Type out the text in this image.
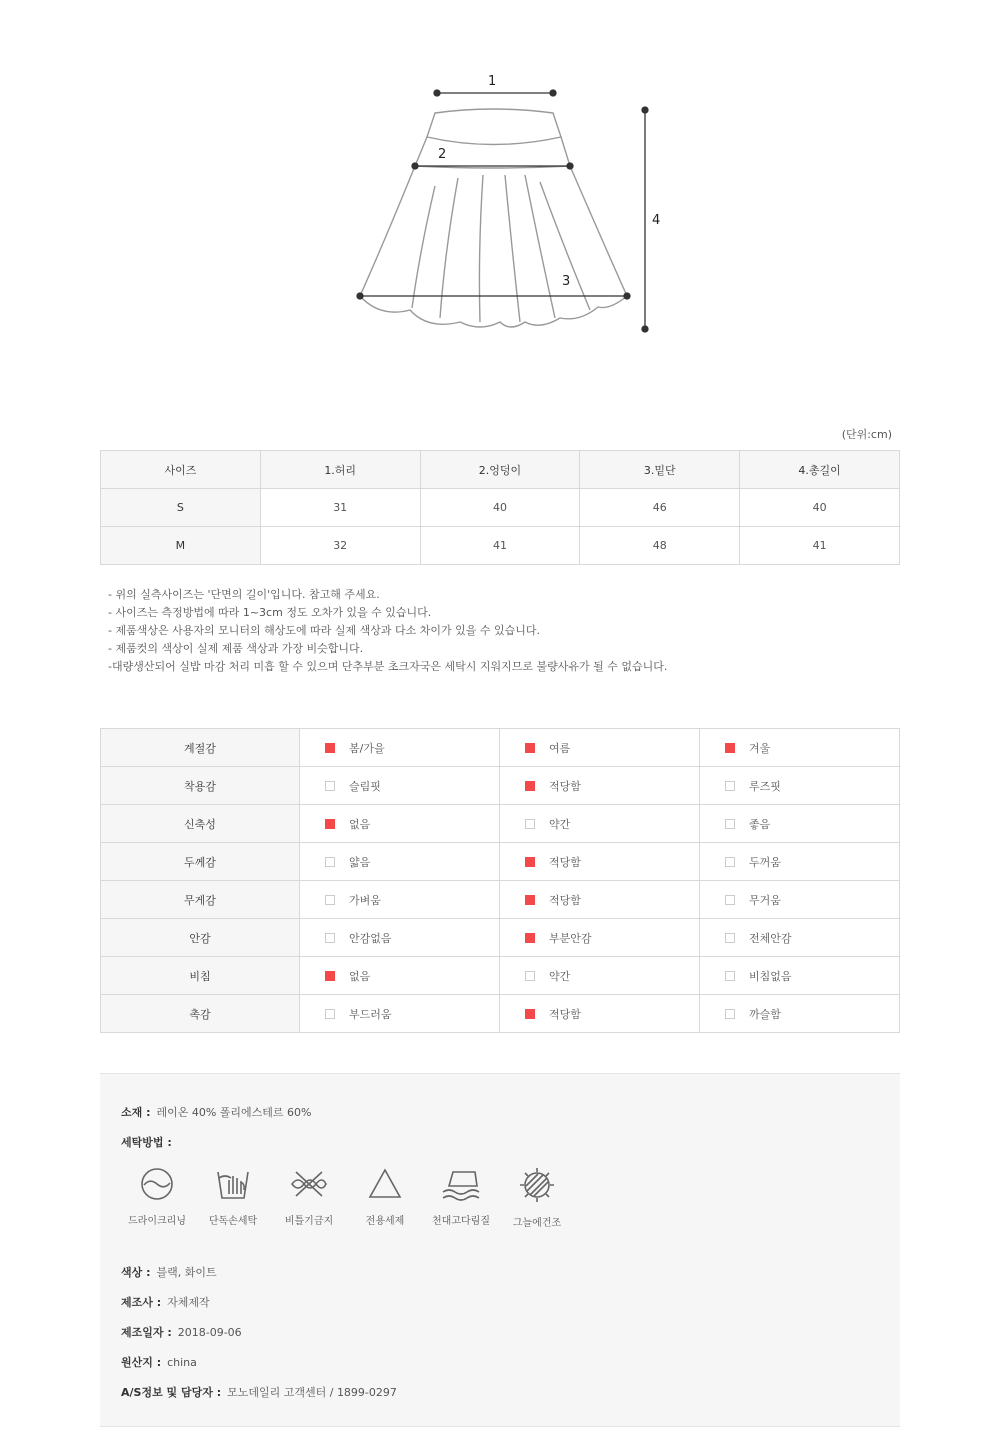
1
2
3
4
(단위:cm)
사이즈	1.허리	2.엉덩이	3.밑단	4.총길이
S	31	40	46	40
M	32	41	48	41
- 위의 실측사이즈는 '단면의 길이'입니다. 참고해 주세요.
- 사이즈는 측정방법에 따라 1~3cm 정도 오차가 있을 수 있습니다.
- 제품색상은 사용자의 모니터의 해상도에 따라 실제 색상과 다소 차이가 있을 수 있습니다.
- 제품컷의 색상이 실제 제품 색상과 가장 비슷합니다.
-대량생산되어 실밥 마감 처리 미흡 할 수 있으며 단추부분 초크자국은 세탁시 지워지므로 불량사유가 될 수 없습니다.
계절감	봄/가을	여름	겨울
착용감	슬림핏	적당함	루즈핏
신축성	없음	약간	좋음
두께감	얇음	적당함	두꺼움
무게감	가벼움	적당함	무거움
안감	안감없음	부분안감	전체안감
비침	없음	약간	비침없음
촉감	부드러움	적당함	까슬함
소재 : 레이온 40% 폴리에스테르 60%
세탁방법 :
드라이크리닝	단독손세탁	비틀기금지	전용세제	천대고다림질	그늘에건조
색상 : 블랙, 화이트
제조사 : 자체제작
제조일자 : 2018-09-06
원산지 : china
A/S정보 및 담당자 : 모노데일리 고객센터 / 1899-0297
